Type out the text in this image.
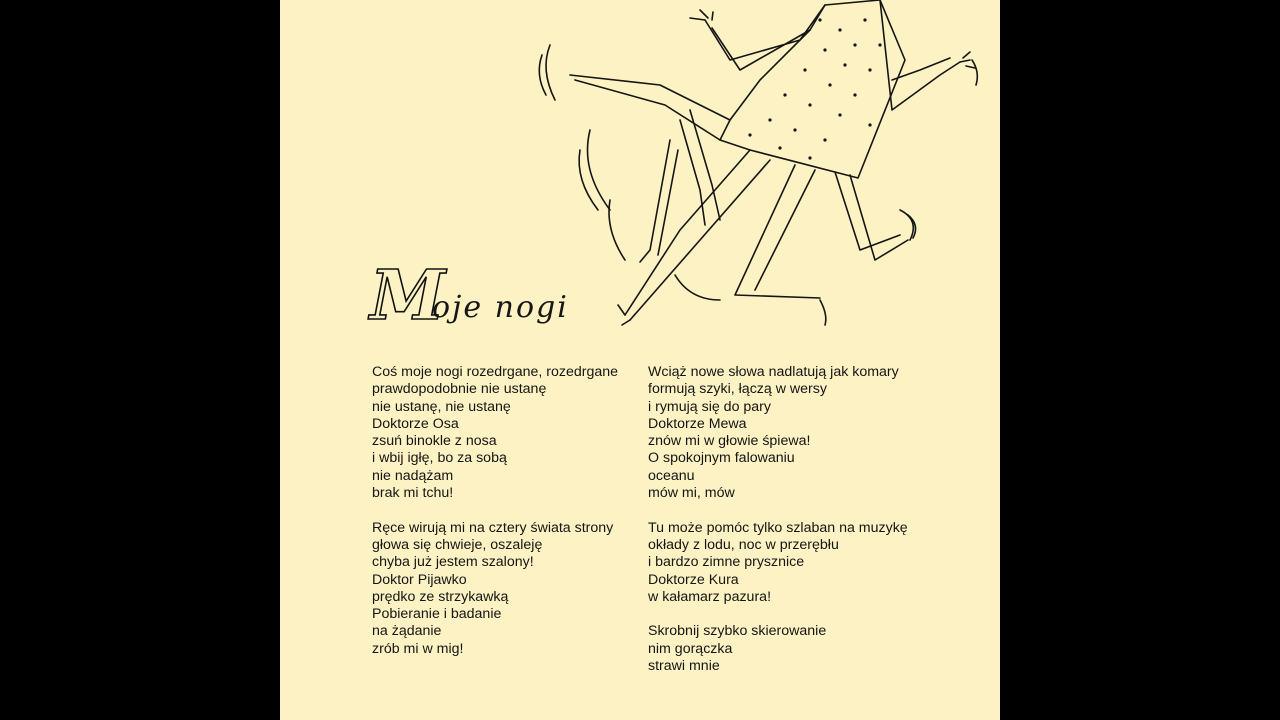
M
oje nogi
Coś moje nogi rozedrgane, rozedrgane
prawdopodobnie nie ustanę
nie ustanę, nie ustanę
Doktorze Osa
zsuń binokle z nosa
i wbij igłę, bo za sobą
nie nadążam
brak mi tchu!
Ręce wirują mi na cztery świata strony
głowa się chwieje, oszaleję
chyba już jestem szalony!
Doktor Pijawko
prędko ze strzykawką
Pobieranie i badanie
na żądanie
zrób mi w mig!
Wciąż nowe słowa nadlatują jak komary
formują szyki, łączą w wersy
i rymują się do pary
Doktorze Mewa
znów mi w głowie śpiewa!
O spokojnym falowaniu
oceanu
mów mi, mów
Tu może pomóc tylko szlaban na muzykę
okłady z lodu, noc w przerębłu
i bardzo zimne prysznice
Doktorze Kura
w kałamarz pazura!
Skrobnij szybko skierowanie
nim gorączka
strawi mnie
